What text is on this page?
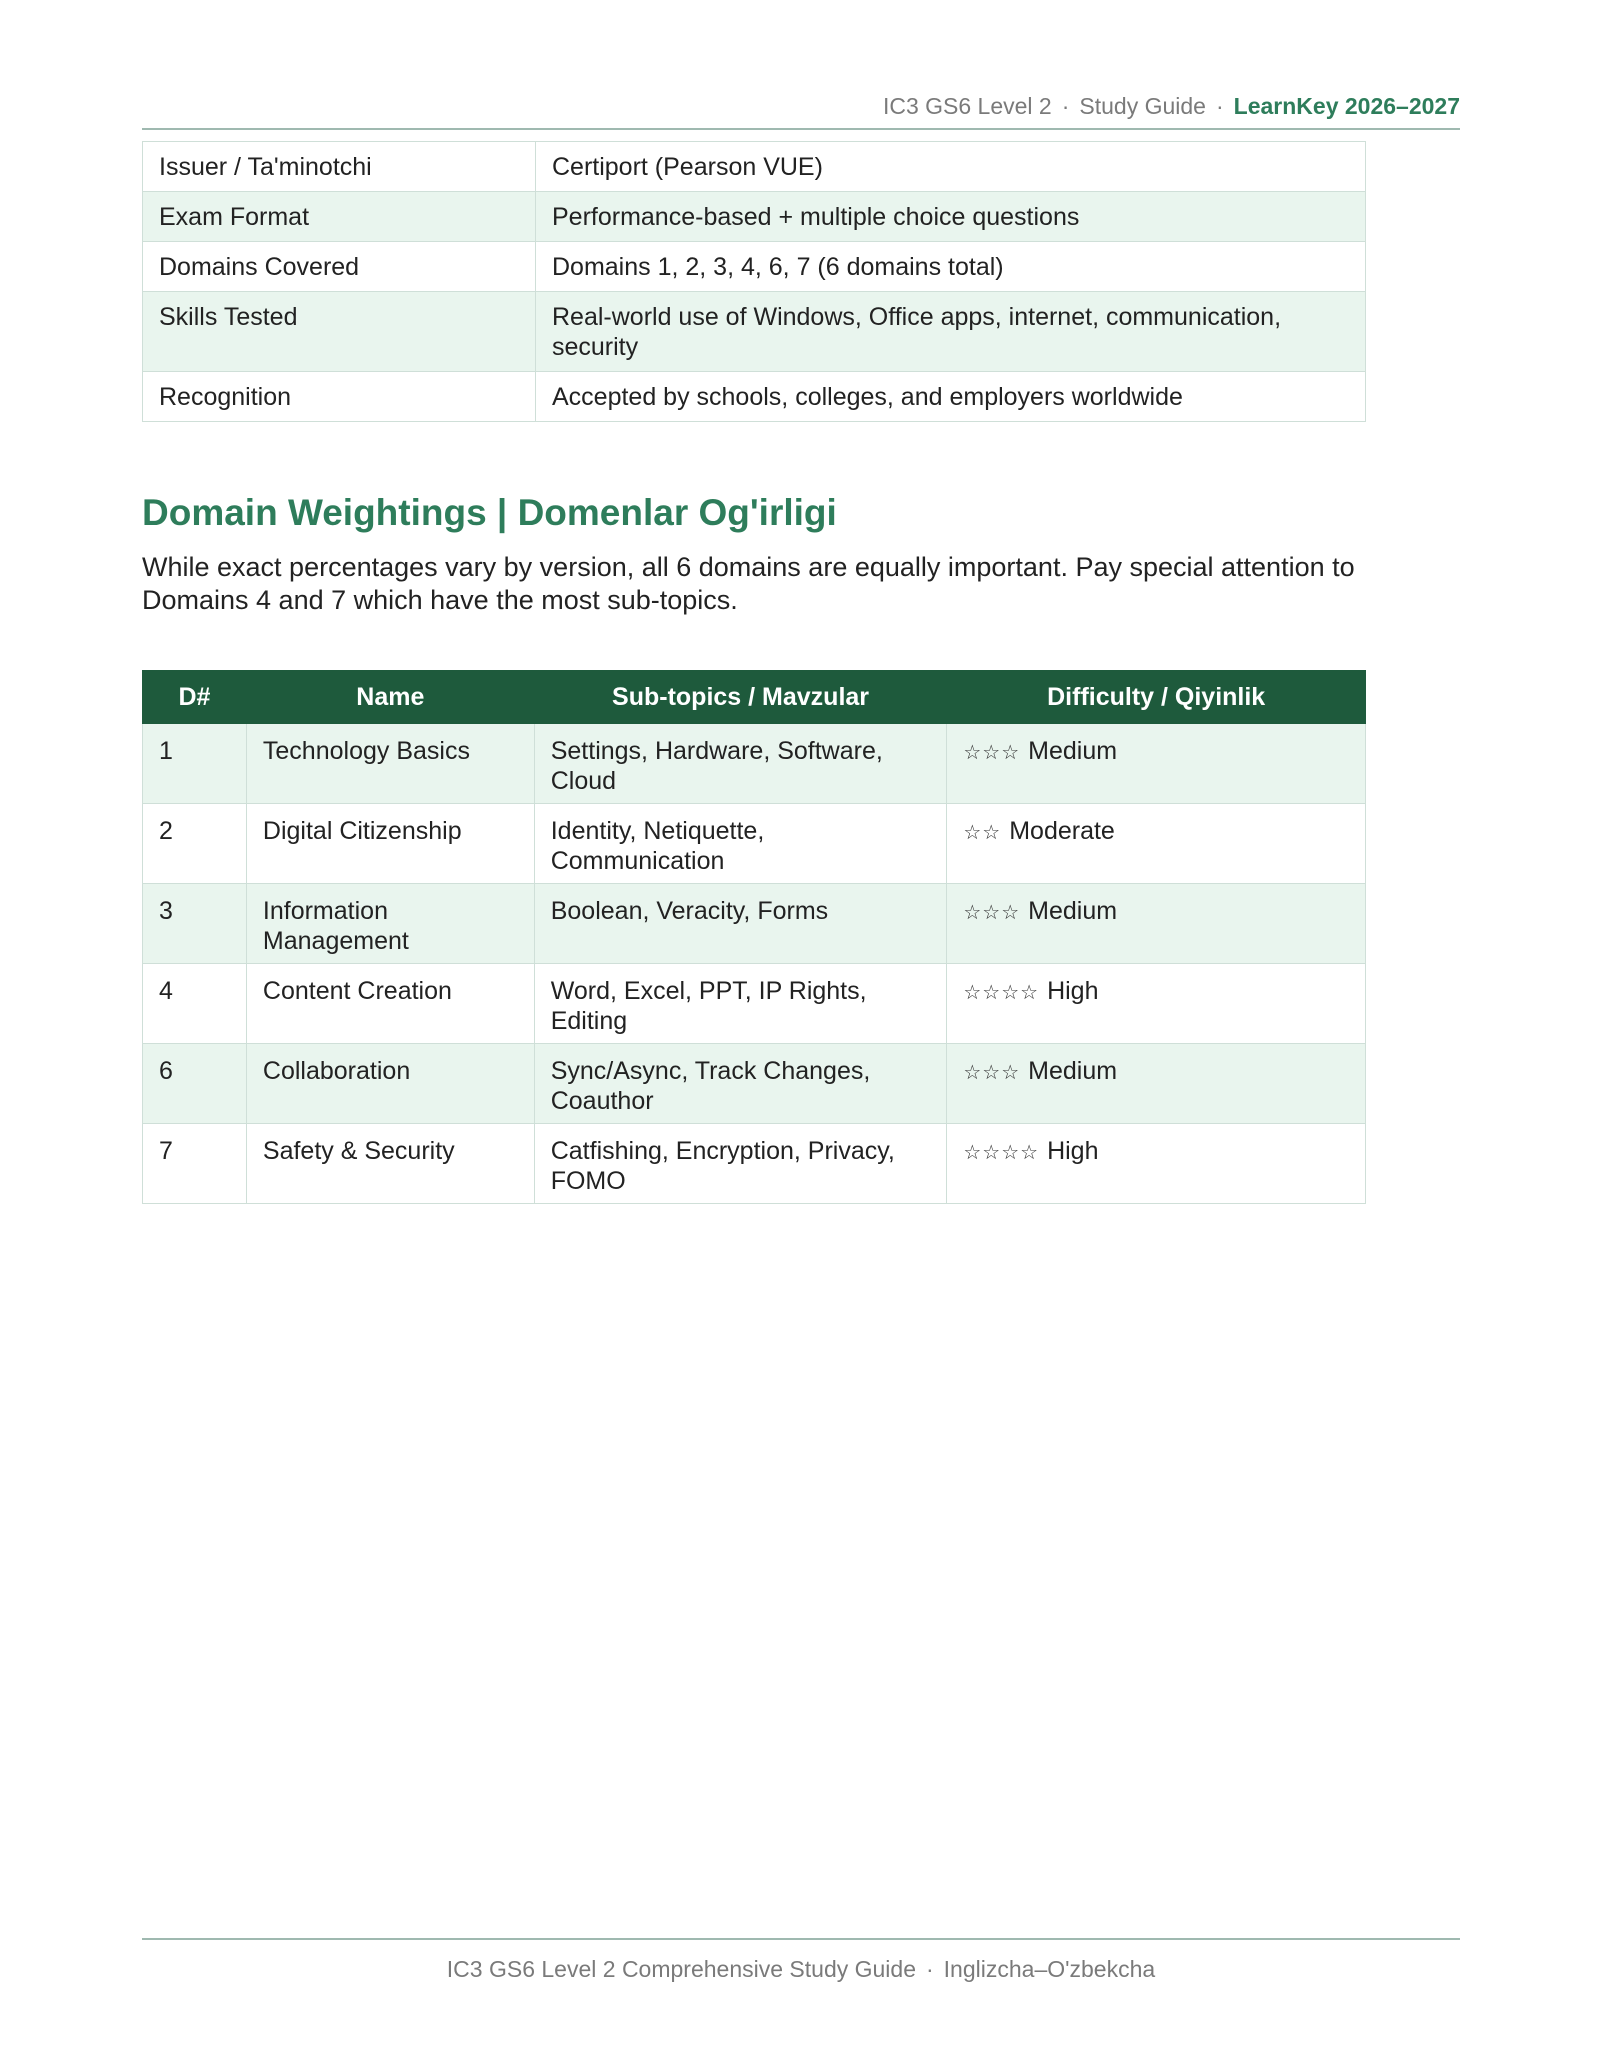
IC3 GS6 Level 2 · Study Guide · LearnKey 2026–2027
Issuer / Ta'minotchi	Certiport (Pearson VUE)
Exam Format	Performance-based + multiple choice questions
Domains Covered	Domains 1, 2, 3, 4, 6, 7 (6 domains total)
Skills Tested	Real-world use of Windows, Office apps, internet, communication, security
Recognition	Accepted by schools, colleges, and employers worldwide
Domain Weightings | Domenlar Og'irligi

While exact percentages vary by version, all 6 domains are equally important. Pay special attention to Domains 4 and 7 which have the most sub-topics.

D#	Name	Sub-topics / Mavzular	Difficulty / Qiyinlik
1	Technology Basics	Settings, Hardware, Software, Cloud	☆☆☆ Medium
2	Digital Citizenship	Identity, Netiquette, Communication	☆☆ Moderate
3	Information Management	Boolean, Veracity, Forms	☆☆☆ Medium
4	Content Creation	Word, Excel, PPT, IP Rights, Editing	☆☆☆☆ High
6	Collaboration	Sync/Async, Track Changes, Coauthor	☆☆☆ Medium
7	Safety & Security	Catfishing, Encryption, Privacy, FOMO	☆☆☆☆ High
IC3 GS6 Level 2 Comprehensive Study Guide · Inglizcha–O'zbekcha
